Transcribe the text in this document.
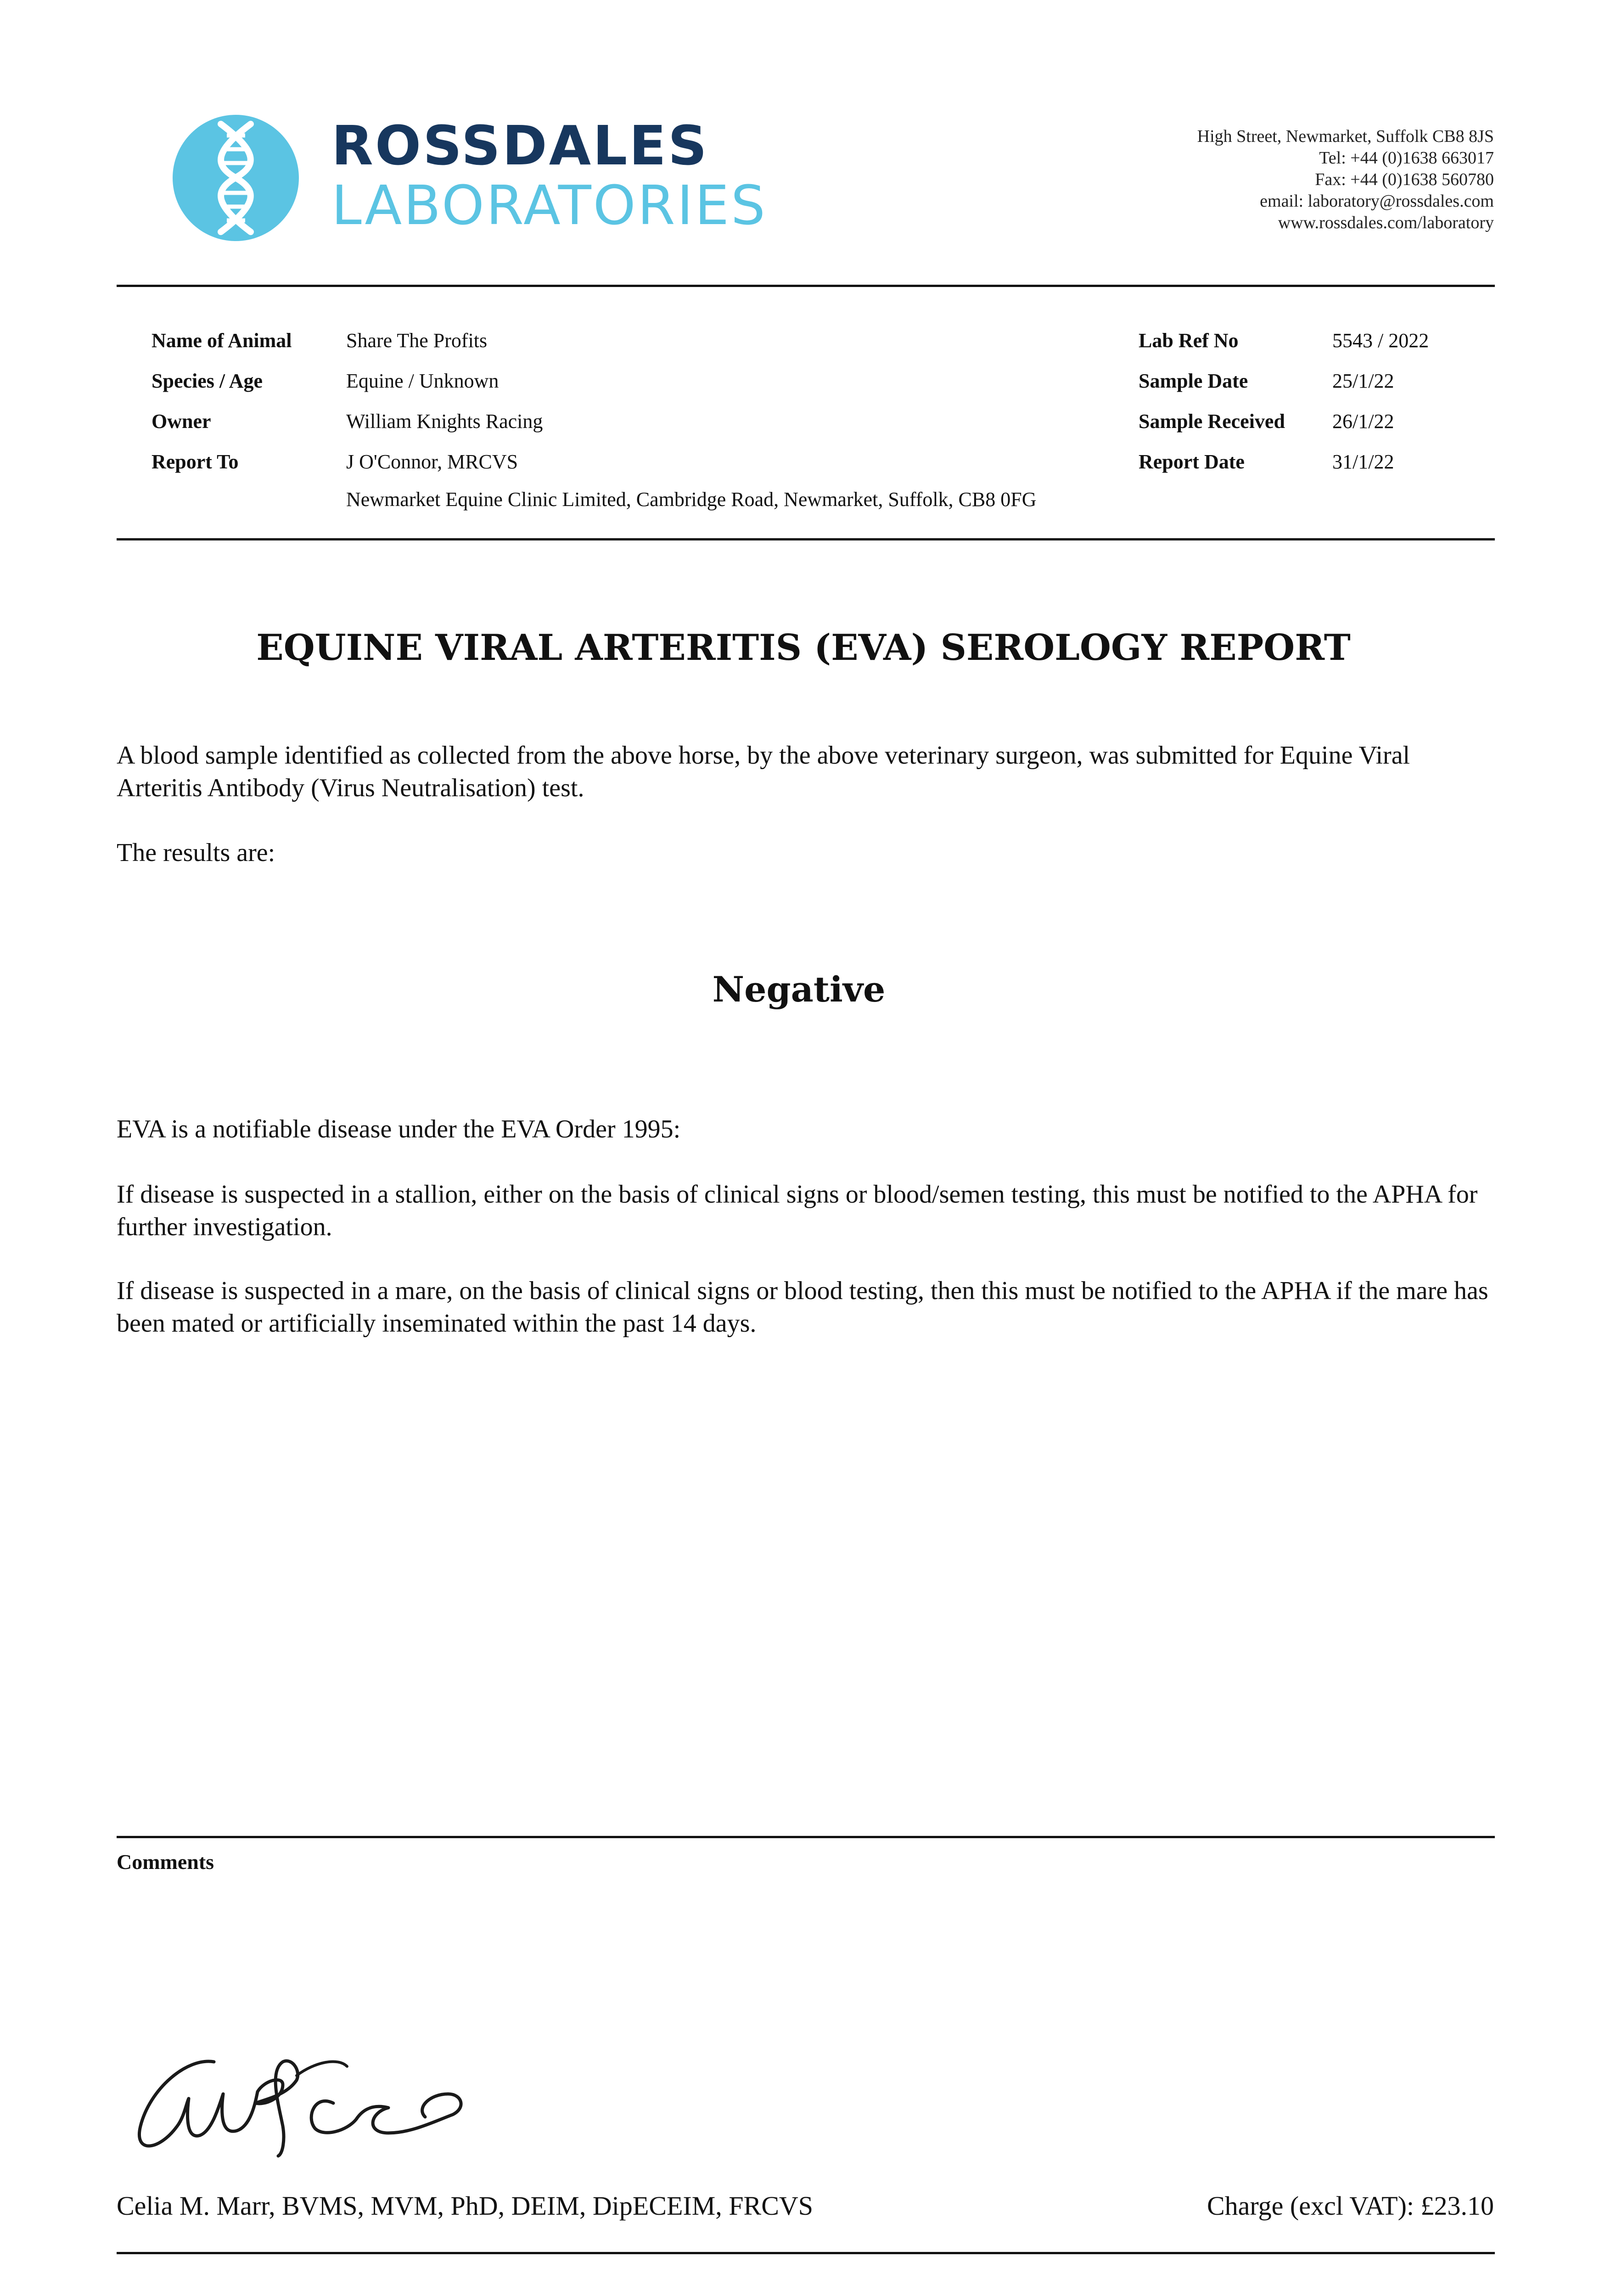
ROSSDALES
LABORATORIES
High Street, Newmarket, Suffolk CB8 8JS
Tel: +44 (0)1638 663017
Fax: +44 (0)1638 560780
email: laboratory@rossdales.com
www.rossdales.com/laboratory
Name of Animal	Share The Profits
Species / Age	Equine / Unknown
Owner	William Knights Racing
Report To	J O'Connor, MRCVS
Newmarket Equine Clinic Limited, Cambridge Road, Newmarket, Suffolk, CB8 0FG
Lab Ref No	5543 / 2022
Sample Date	25/1/22
Sample Received 26/1/22
Report Date	31/1/22
EQUINE VIRAL ARTERITIS (EVA) SEROLOGY REPORT
A blood sample identified as collected from the above horse, by the above veterinary surgeon, was submitted for Equine Viral Arteritis Antibody (Virus Neutralisation) test.
The results are:
Negative
EVA is a notifiable disease under the EVA Order 1995:
If disease is suspected in a stallion, either on the basis of clinical signs or blood/semen testing, this must be notified to the APHA for further investigation.
If disease is suspected in a mare, on the basis of clinical signs or blood testing, then this must be notified to the APHA if the mare has been mated or artificially inseminated within the past 14 days.
Comments
Celia M. Marr, BVMS, MVM, PhD, DEIM, DipECEIM, FRCVS	Charge (excl VAT): £23.10
